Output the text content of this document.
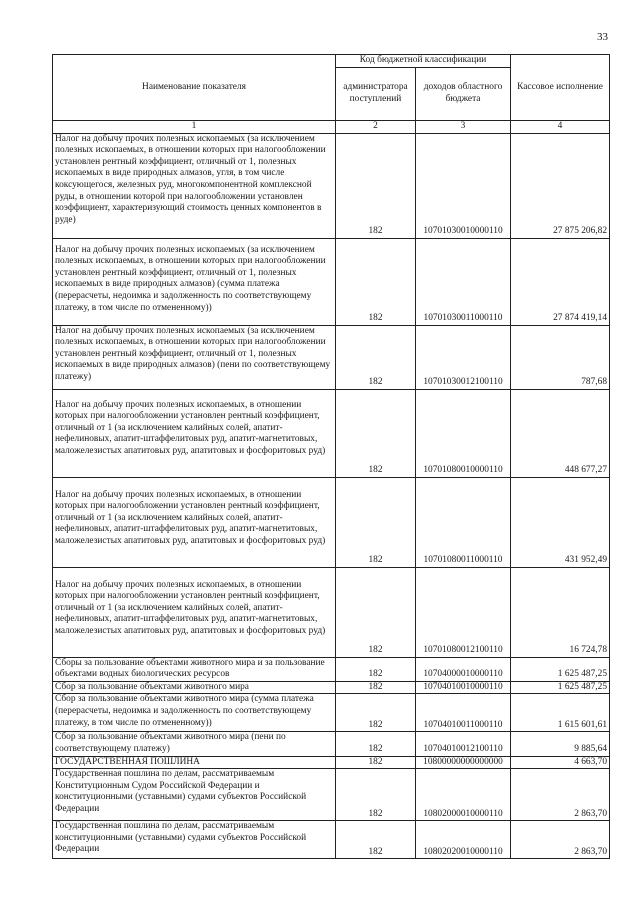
33
Наименование показателя	Код бюджетной классификации		Кассовое исполнение
	администратора поступлений	доходов областного бюджета	
1	2	3	4
Налог на добычу прочих полезных ископаемых (за исключением полезных ископаемых, в отношении которых при налогообложении установлен рентный коэффициент, отличный от 1, полезных ископаемых в виде природных алмазов, угля, в том числе коксующегося, железных руд, многокомпонентной комплексной руды, в отношении которой при налогообложении установлен коэффициент, характеризующий стоимость ценных компонентов в руде)	182	10701030010000110	27 875 206,82
Налог на добычу прочих полезных ископаемых (за исключением полезных ископаемых, в отношении которых при налогообложении установлен рентный коэффициент, отличный от 1, полезных ископаемых в виде природных алмазов) (сумма платежа (перерасчеты, недоимка и задолженность по соответствующему платежу, в том числе по отмененному))	182	10701030011000110	27 874 419,14
Налог на добычу прочих полезных ископаемых (за исключением полезных ископаемых, в отношении которых при налогообложении установлен рентный коэффициент, отличный от 1, полезных ископаемых в виде природных алмазов) (пени по соответствующему платежу)	182	10701030012100110	787,68
Налог на добычу прочих полезных ископаемых, в отношении которых при налогообложении установлен рентный коэффициент, отличный от 1 (за исключением калийных солей, апатит-нефелиновых, апатит-штаффелитовых руд, апатит-магнетитовых, маложелезистых апатитовых руд, апатитовых и фосфоритовых руд)	182	10701080010000110	448 677,27
Налог на добычу прочих полезных ископаемых, в отношении которых при налогообложении установлен рентный коэффициент, отличный от 1 (за исключением калийных солей, апатит-нефелиновых, апатит-штаффелитовых руд, апатит-магнетитовых, маложелезистых апатитовых руд, апатитовых и фосфоритовых руд)	182	10701080011000110	431 952,49
Налог на добычу прочих полезных ископаемых, в отношении которых при налогообложении установлен рентный коэффициент, отличный от 1 (за исключением калийных солей, апатит-нефелиновых, апатит-штаффелитовых руд, апатит-магнетитовых, маложелезистых апатитовых руд, апатитовых и фосфоритовых руд)	182	10701080012100110	16 724,78
Сборы за пользование объектами животного мира и за пользование объектами водных биологических ресурсов	182	10704000010000110	1 625 487,25
Сбор за пользование объектами животного мира	182	10704010010000110	1 625 487,25
Сбор за пользование объектами животного мира (сумма платежа (перерасчеты, недоимка и задолженность по соответствующему платежу, в том числе по отмененному))	182	10704010011000110	1 615 601,61
Сбор за пользование объектами животного мира (пени по соответствующему платежу)	182	10704010012100110	9 885,64
ГОСУДАРСТВЕННАЯ ПОШЛИНА	182	10800000000000000	4 663,70
Государственная пошлина по делам, рассматриваемым Конституционным Судом Российской Федерации и конституционными (уставными) судами субъектов Российской Федерации	182	10802000010000110	2 863,70
Государственная пошлина по делам, рассматриваемым конституционными (уставными) судами субъектов Российской Федерации	182	10802020010000110	2 863,70
